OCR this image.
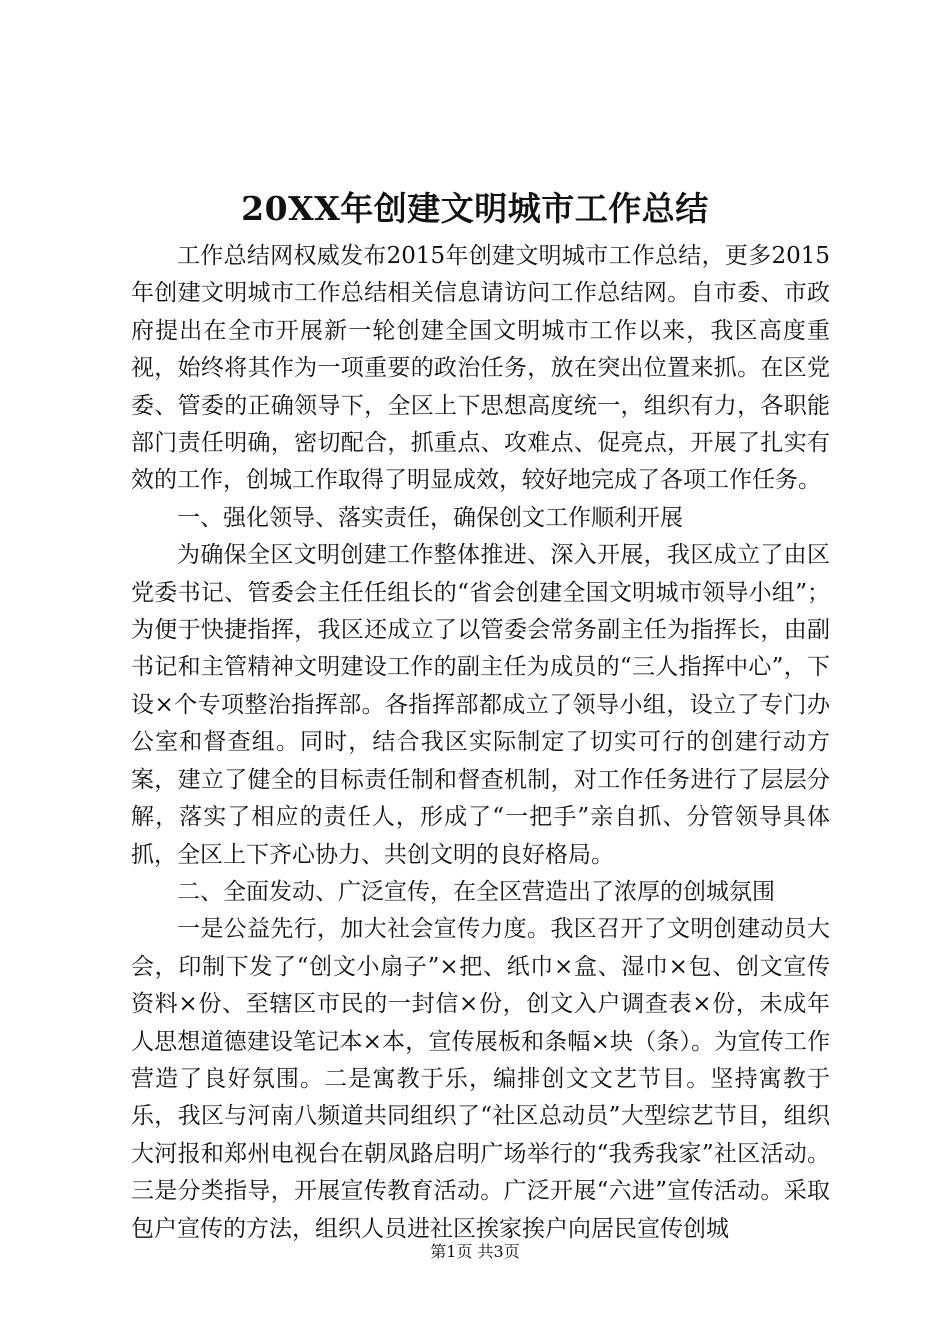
20XX年创建文明城市工作总结

工作总结网权威发布2015年创建文明城市工作总结，更多2015年创建文明城市工作总结相关信息请访问工作总结网。自市委、市政府提出在全市开展新一轮创建全国文明城市工作以来，我区高度重视，始终将其作为一项重要的政治任务，放在突出位置来抓。在区党委、管委的正确领导下，全区上下思想高度统一，组织有力，各职能部门责任明确，密切配合，抓重点、攻难点、促亮点，开展了扎实有效的工作，创城工作取得了明显成效，较好地完成了各项工作任务。

一、强化领导、落实责任，确保创文工作顺利开展

为确保全区文明创建工作整体推进、深入开展，我区成立了由区党委书记、管委会主任任组长的“省会创建全国文明城市领导小组”；为便于快捷指挥，我区还成立了以管委会常务副主任为指挥长，由副书记和主管精神文明建设工作的副主任为成员的“三人指挥中心”，下设×个专项整治指挥部。各指挥部都成立了领导小组，设立了专门办公室和督查组。同时，结合我区实际制定了切实可行的创建行动方案，建立了健全的目标责任制和督查机制，对工作任务进行了层层分解，落实了相应的责任人，形成了“一把手”亲自抓、分管领导具体抓，全区上下齐心协力、共创文明的良好格局。

二、全面发动、广泛宣传，在全区营造出了浓厚的创城氛围

一是公益先行，加大社会宣传力度。我区召开了文明创建动员大会，印制下发了“创文小扇子”×把、纸巾×盒、湿巾×包、创文宣传资料×份、至辖区市民的一封信×份，创文入户调查表×份，未成年人思想道德建设笔记本×本，宣传展板和条幅×块（条）。为宣传工作营造了良好氛围。二是寓教于乐，编排创文文艺节目。坚持寓教于乐，我区与河南八频道共同组织了“社区总动员”大型综艺节目，组织大河报和郑州电视台在朝凤路启明广场举行的“我秀我家”社区活动。三是分类指导，开展宣传教育活动。广泛开展“六进”宣传活动。采取包户宣传的方法，组织人员进社区挨家挨户向居民宣传创城

第1页 共3页
